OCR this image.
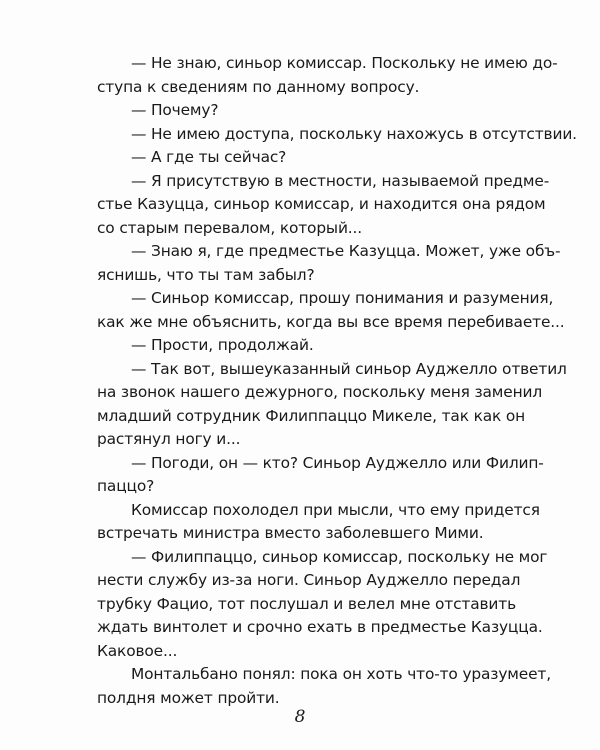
— Не знаю, синьор комиссар. Поскольку не имею до-
ступа к сведениям по данному вопросу.
— Почему?
— Не имею доступа, поскольку нахожусь в отсутствии.
— А где ты сейчас?
— Я присутствую в местности, называемой предме-
стье Казуцца, синьор комиссар, и находится она рядом
со старым перевалом, который...
— Знаю я, где предместье Казуцца. Может, уже объ-
яснишь, что ты там забыл?
— Синьор комиссар, прошу понимания и разумения,
как же мне объяснить, когда вы все время перебиваете...
— Прости, продолжай.
— Так вот, вышеуказанный синьор Ауджелло ответил
на звонок нашего дежурного, поскольку меня заменил
младший сотрудник Филиппаццо Микеле, так как он
растянул ногу и...
— Погоди, он — кто? Синьор Ауджелло или Филип-
паццо?
Комиссар похолодел при мысли, что ему придется
встречать министра вместо заболевшего Мими.
— Филиппаццо, синьор комиссар, поскольку не мог
нести службу из-за ноги. Синьор Ауджелло передал
трубку Фацио, тот послушал и велел мне отставить
ждать винтолет и срочно ехать в предместье Казуцца.
Каковое...
Монтальбано понял: пока он хоть что-то уразумеет,
полдня может пройти.
8
